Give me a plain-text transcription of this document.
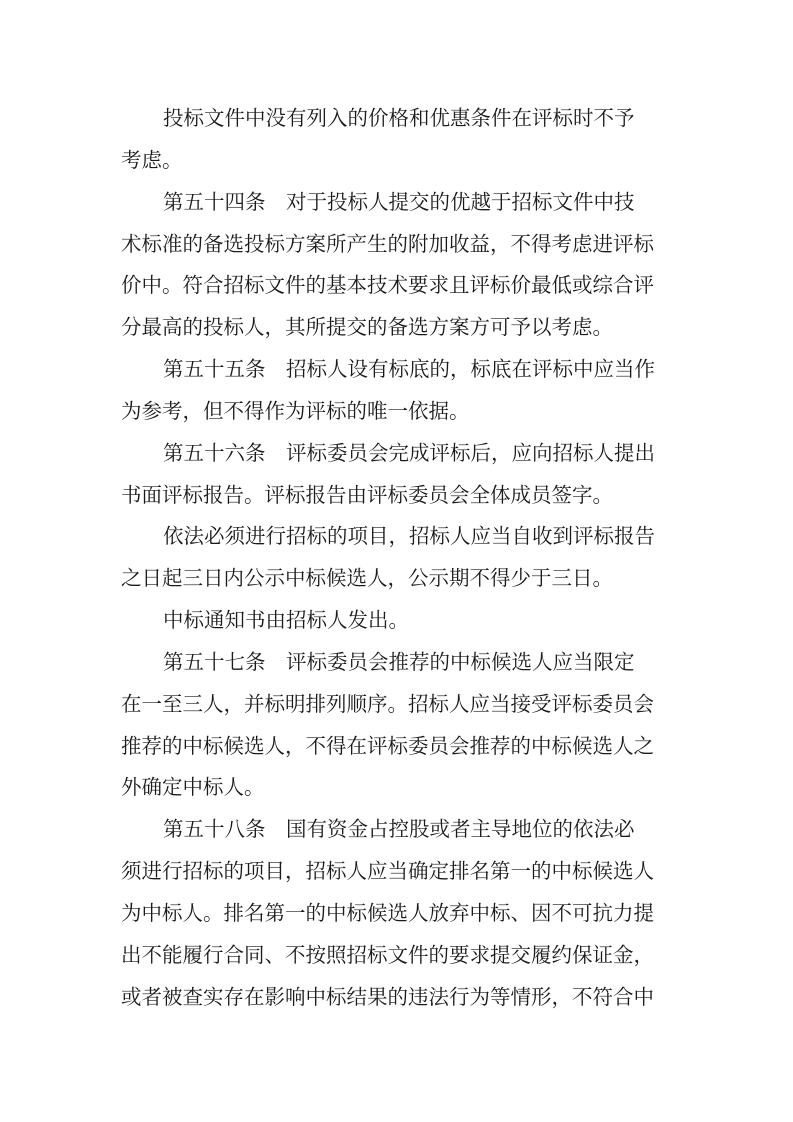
投标文件中没有列入的价格和优惠条件在评标时不予

考虑。

第五十四条　对于投标人提交的优越于招标文件中技

术标准的备选投标方案所产生的附加收益，不得考虑进评标

价中。符合招标文件的基本技术要求且评标价最低或综合评

分最高的投标人，其所提交的备选方案方可予以考虑。

第五十五条　招标人设有标底的，标底在评标中应当作

为参考，但不得作为评标的唯一依据。

第五十六条　评标委员会完成评标后，应向招标人提出

书面评标报告。评标报告由评标委员会全体成员签字。

依法必须进行招标的项目，招标人应当自收到评标报告

之日起三日内公示中标候选人，公示期不得少于三日。

中标通知书由招标人发出。

第五十七条　评标委员会推荐的中标候选人应当限定

在一至三人，并标明排列顺序。招标人应当接受评标委员会

推荐的中标候选人，不得在评标委员会推荐的中标候选人之

外确定中标人。

第五十八条　国有资金占控股或者主导地位的依法必

须进行招标的项目，招标人应当确定排名第一的中标候选人

为中标人。排名第一的中标候选人放弃中标、因不可抗力提

出不能履行合同、不按照招标文件的要求提交履约保证金，

或者被查实存在影响中标结果的违法行为等情形，不符合中
